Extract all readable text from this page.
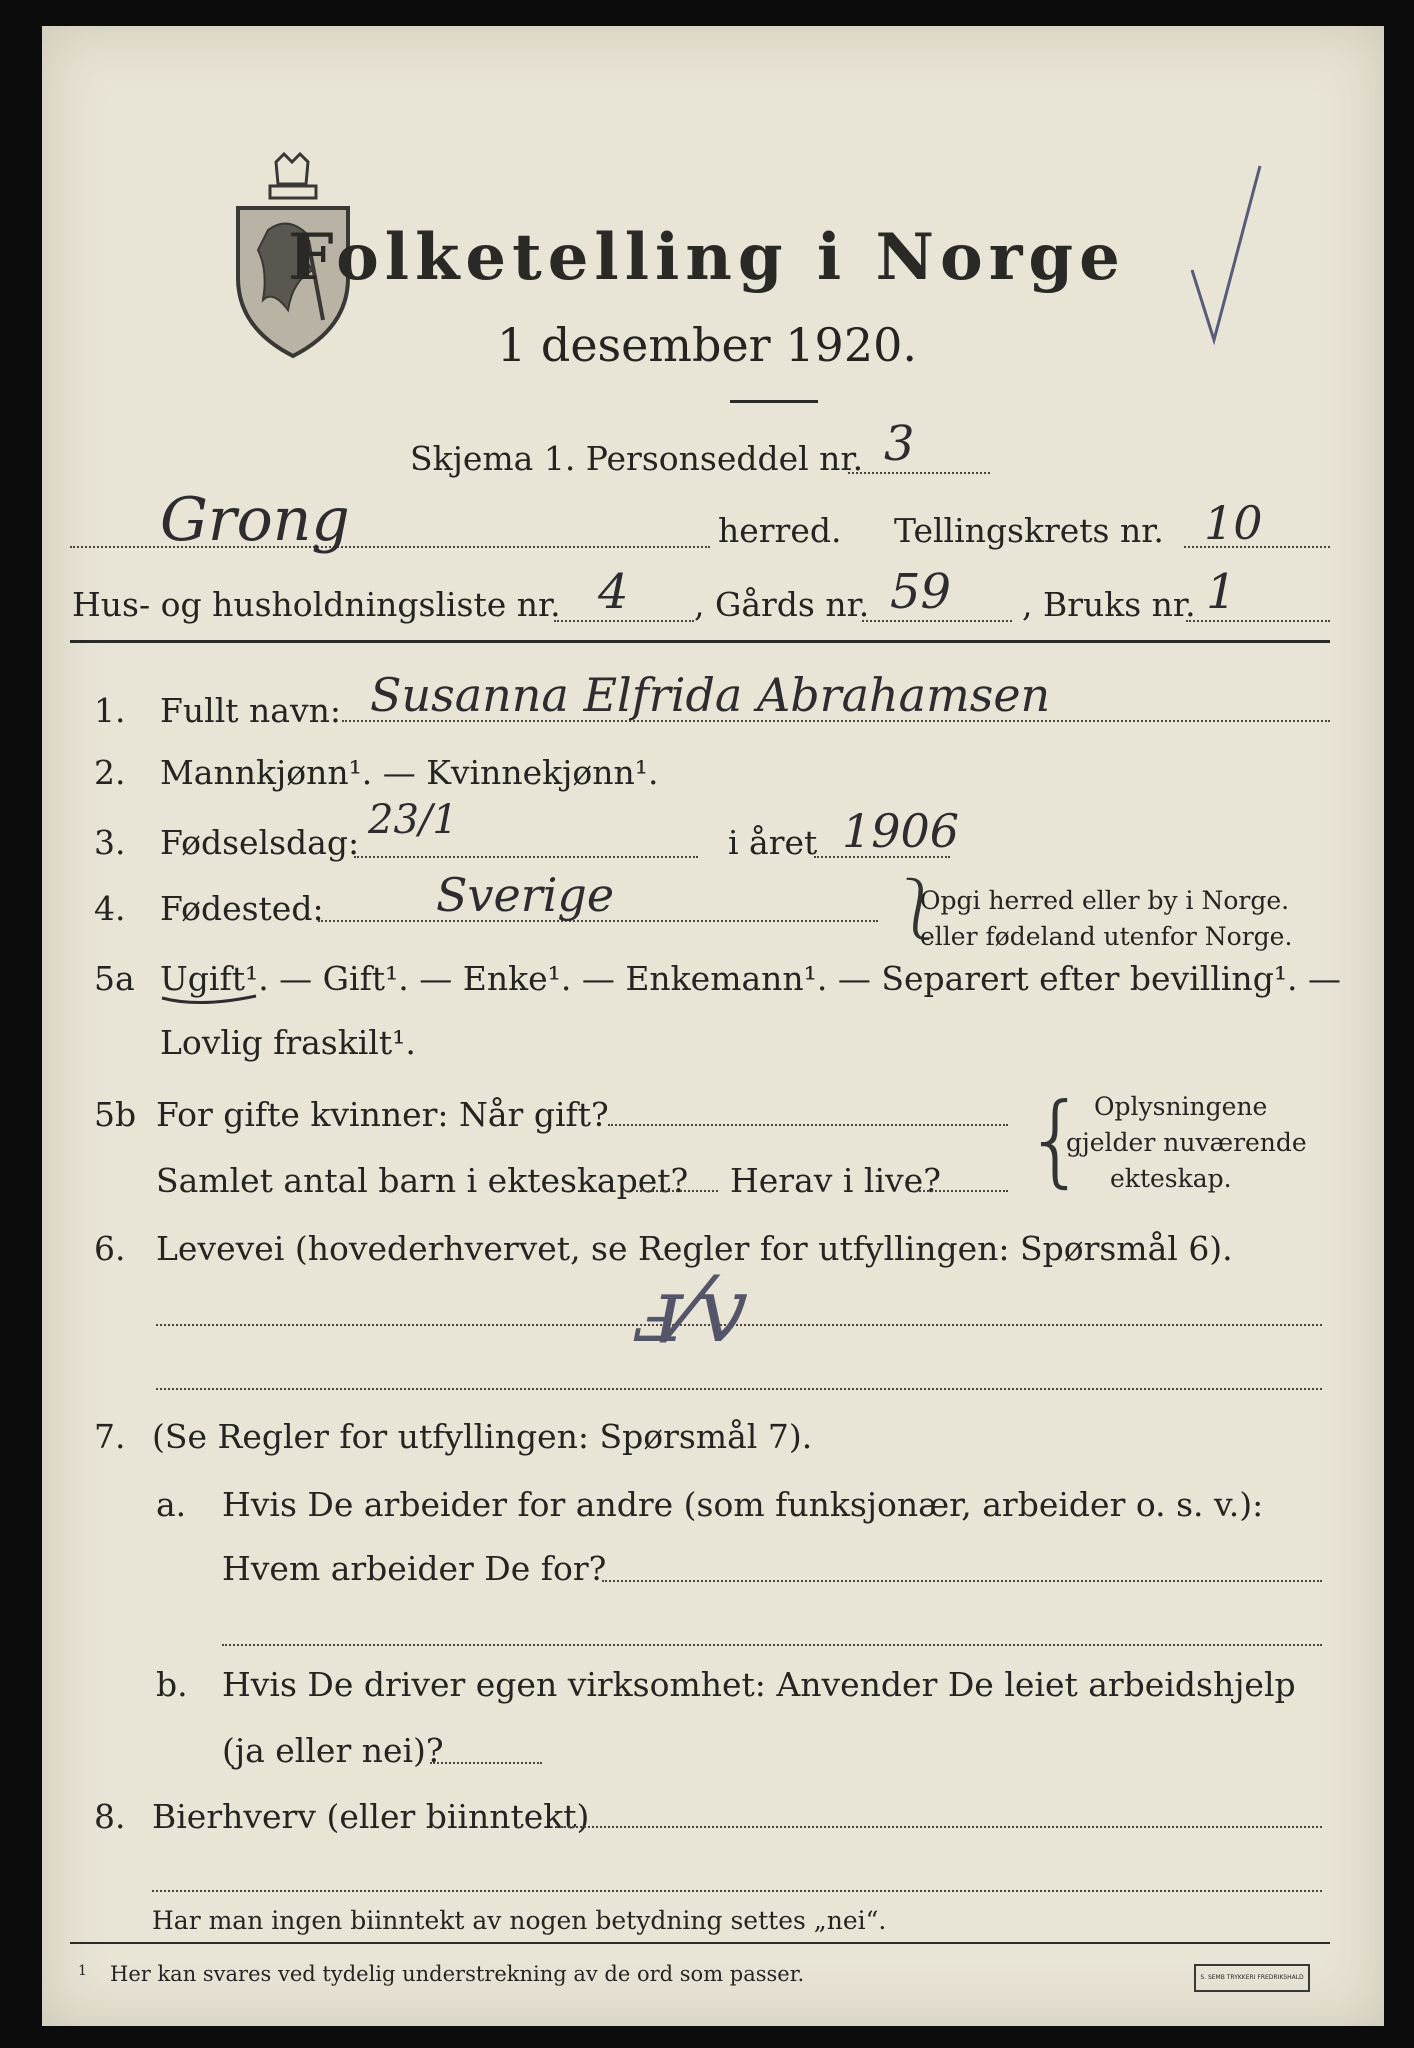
Folketelling i Norge
1 desember 1920.
Skjema 1. Personseddel nr. 3
Grong	herred. Tellingskrets nr. 10
Hus- og husholdningsliste nr. 4 , Gårds nr. 59 , Bruks nr. 1
1. Fullt navn: Susanna Elfrida Abrahamsen
2. Mannkjønn¹. — Kvinnekjønn¹.
3. Fødselsdag: 23/1	i året 1906
4. Fødested: Sverige	⎱
Opgi herred eller by i Norge.
eller fødeland utenfor Norge.
5a Ugift¹. — Gift¹. — Enke¹. — Enkemann¹. — Separert efter bevilling¹. —
Lovlig fraskilt¹.
5b For gifte kvinner: Når gift?
Samlet antal barn i ekteskapet? Herav i live? { Oplysningene
gjelder nuværende
ekteskap.
6. Levevei (hovederhvervet, se Regler for utfyllingen: Spørsmål 6).
ⅎ⁄v
7. (Se Regler for utfyllingen: Spørsmål 7).
a. Hvis De arbeider for andre (som funksjonær, arbeider o. s. v.):
Hvem arbeider De for?
b. Hvis De driver egen virksomhet: Anvender De leiet arbeidshjelp
(ja eller nei)?
8. Bierhverv (eller biinntekt)
Har man ingen biinntekt av nogen betydning settes „nei“.
1 Her kan svares ved tydelig understrekning av de ord som passer.	S. SEMB TRYKKERI FREDRIKSHALD
